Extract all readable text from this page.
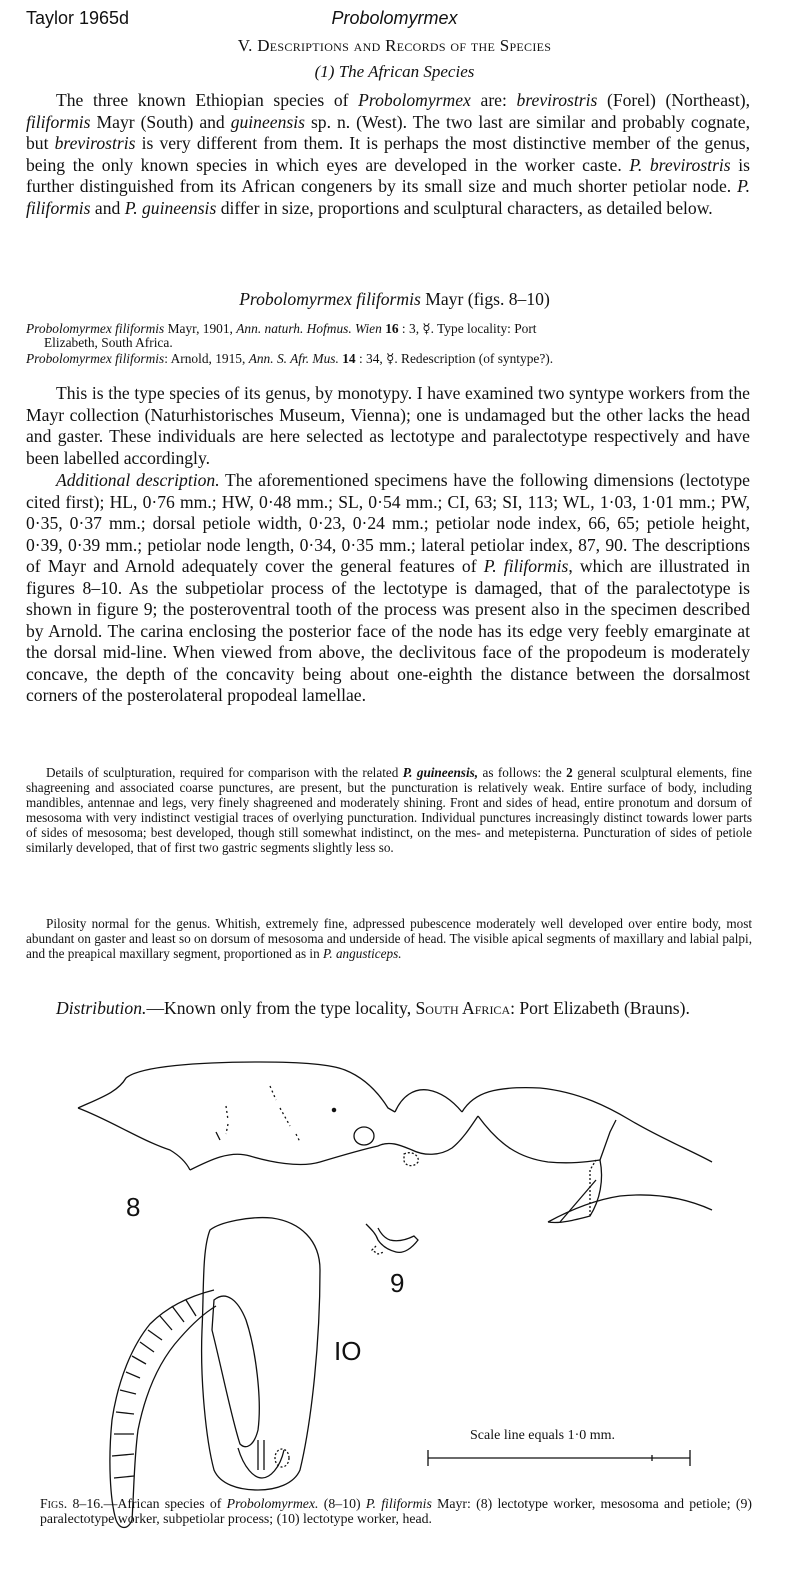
Taylor 1965d	Probolomyrmex
V. Descriptions and Records of the Species
(1) The African Species

The three known Ethiopian species of Probolomyrmex are: brevirostris (Forel) (Northeast), filiformis Mayr (South) and guineensis sp. n. (West). The two last are similar and probably cognate, but brevirostris is very different from them. It is perhaps the most distinctive member of the genus, being the only known species in which eyes are developed in the worker caste. P. brevirostris is further distinguished from its African congeners by its small size and much shorter petiolar node. P. filiformis and P. guineensis differ in size, proportions and sculptural characters, as detailed below.

Probolomyrmex filiformis Mayr (figs. 8–10)

Probolomyrmex filiformis Mayr, 1901, Ann. naturh. Hofmus. Wien 16 : 3, ☿. Type locality: Port
Elizabeth, South Africa.

Probolomyrmex filiformis: Arnold, 1915, Ann. S. Afr. Mus. 14 : 34, ☿. Redescription (of syntype?).

This is the type species of its genus, by monotypy. I have examined two syntype workers from the Mayr collection (Naturhistorisches Museum, Vienna); one is undamaged but the other lacks the head and gaster. These individuals are here selected as lectotype and paralectotype respectively and have been labelled accordingly.

Additional description. The aforementioned specimens have the following dimensions (lectotype cited first); HL, 0·76 mm.; HW, 0·48 mm.; SL, 0·54 mm.; CI, 63; SI, 113; WL, 1·03, 1·01 mm.; PW, 0·35, 0·37 mm.; dorsal petiole width, 0·23, 0·24 mm.; petiolar node index, 66, 65; petiole height, 0·39, 0·39 mm.; petiolar node length, 0·34, 0·35 mm.; lateral petiolar index, 87, 90. The descriptions of Mayr and Arnold adequately cover the general features of P. filiformis, which are illustrated in figures 8–10. As the subpetiolar process of the lectotype is damaged, that of the paralectotype is shown in figure 9; the posteroventral tooth of the process was present also in the specimen described by Arnold. The carina enclosing the posterior face of the node has its edge very feebly emarginate at the dorsal mid-line. When viewed from above, the declivitous face of the propodeum is moderately concave, the depth of the concavity being about one-eighth the distance between the dorsalmost corners of the posterolateral propodeal lamellae.

Details of sculpturation, required for comparison with the related P. guineensis, as follows: the 2 general sculptural elements, fine shagreening and associated coarse punctures, are present, but the puncturation is relatively weak. Entire surface of body, including mandibles, antennae and legs, very finely shagreened and moderately shining. Front and sides of head, entire pronotum and dorsum of mesosoma with very indistinct vestigial traces of overlying puncturation. Individual punctures increasingly distinct towards lower parts of sides of mesosoma; best developed, though still somewhat indistinct, on the mes- and metepisterna. Puncturation of sides of petiole similarly developed, that of first two gastric segments slightly less so.

Pilosity normal for the genus. Whitish, extremely fine, adpressed pubescence moderately well developed over entire body, most abundant on gaster and least so on dorsum of mesosoma and underside of head. The visible apical segments of maxillary and labial palpi, and the preapical maxillary segment, proportioned as in P. angusticeps.

Distribution.—Known only from the type locality, South Africa: Port Elizabeth (Brauns).

8
9
IO
Scale line equals 1·0 mm.

Figs. 8–16.—African species of Probolomyrmex. (8–10) P. filiformis Mayr: (8) lectotype worker, mesosoma and petiole; (9) paralectotype worker, subpetiolar process; (10) lectotype worker, head.
